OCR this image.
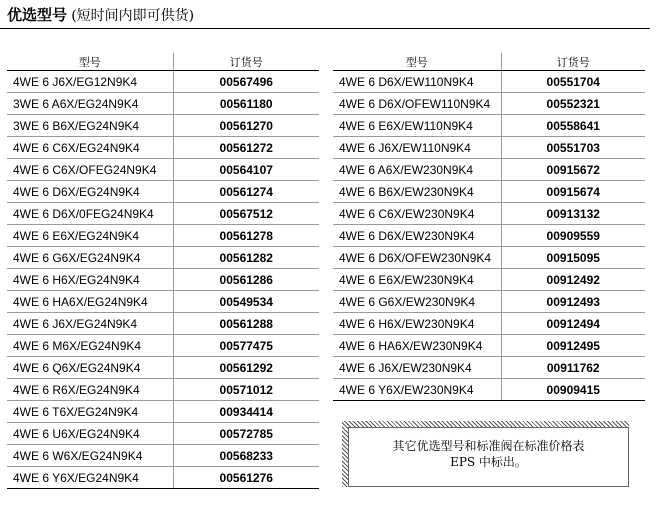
优选型号 (短时间内即可供货)
型号	订货号
4WE 6 J6X/EG12N9K4	00567496
3WE 6 A6X/EG24N9K4	00561180
3WE 6 B6X/EG24N9K4	00561270
4WE 6 C6X/EG24N9K4	00561272
4WE 6 C6X/OFEG24N9K4	00564107
4WE 6 D6X/EG24N9K4	00561274
4WE 6 D6X/0FEG24N9K4	00567512
4WE 6 E6X/EG24N9K4	00561278
4WE 6 G6X/EG24N9K4	00561282
4WE 6 H6X/EG24N9K4	00561286
4WE 6 HA6X/EG24N9K4	00549534
4WE 6 J6X/EG24N9K4	00561288
4WE 6 M6X/EG24N9K4	00577475
4WE 6 Q6X/EG24N9K4	00561292
4WE 6 R6X/EG24N9K4	00571012
4WE 6 T6X/EG24N9K4	00934414
4WE 6 U6X/EG24N9K4	00572785
4WE 6 W6X/EG24N9K4	00568233
4WE 6 Y6X/EG24N9K4	00561276
型号	订货号
4WE 6 D6X/EW110N9K4	00551704
4WE 6 D6X/OFEW110N9K4	00552321
4WE 6 E6X/EW110N9K4	00558641
4WE 6 J6X/EW110N9K4	00551703
4WE 6 A6X/EW230N9K4	00915672
4WE 6 B6X/EW230N9K4	00915674
4WE 6 C6X/EW230N9K4	00913132
4WE 6 D6X/EW230N9K4	00909559
4WE 6 D6X/OFEW230N9K4	00915095
4WE 6 E6X/EW230N9K4	00912492
4WE 6 G6X/EW230N9K4	00912493
4WE 6 H6X/EW230N9K4	00912494
4WE 6 HA6X/EW230N9K4	00912495
4WE 6 J6X/EW230N9K4	00911762
4WE 6 Y6X/EW230N9K4	00909415
其它优选型号和标准阀在标准价格表
EPS 中标出。
